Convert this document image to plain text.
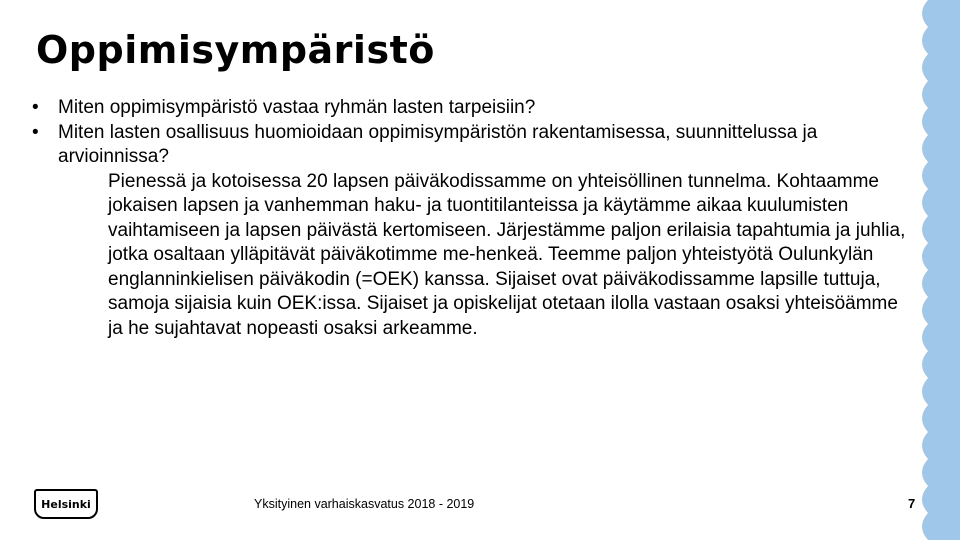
Oppimisympäristö
• Miten oppimisympäristö vastaa ryhmän lasten tarpeisiin?
• Miten lasten osallisuus huomioidaan oppimisympäristön rakentamisessa, suunnittelussa ja arvioinnissa?

Pienessä ja kotoisessa 20 lapsen päiväkodissamme on yhteisöllinen tunnelma. Kohtaamme jokaisen lapsen ja vanhemman haku- ja tuontitilanteissa ja käytämme aikaa kuulumisten vaihtamiseen ja lapsen päivästä kertomiseen. Järjestämme paljon erilaisia tapahtumia ja juhlia, jotka osaltaan ylläpitävät päiväkotimme me-henkeä. Teemme paljon yhteistyötä Oulunkylän englanninkielisen päiväkodin (=OEK) kanssa. Sijaiset ovat päiväkodissamme lapsille tuttuja, samoja sijaisia kuin OEK:issa. Sijaiset ja opiskelijat otetaan ilolla vastaan osaksi yhteisöämme ja he sujahtavat nopeasti osaksi arkeamme.

Helsinki	Yksityinen varhaiskasvatus 2018 - 2019	7
